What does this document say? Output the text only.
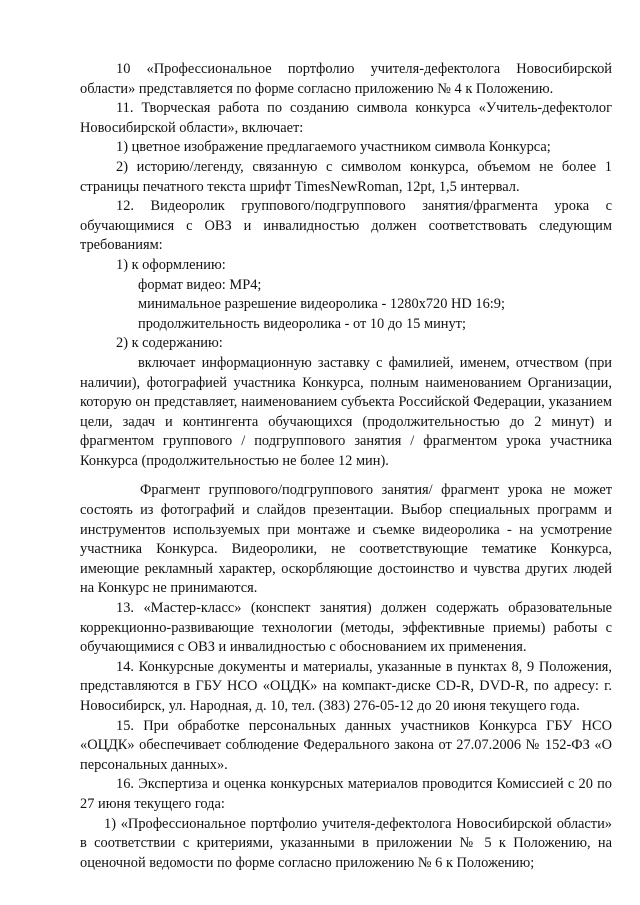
10 «Профессиональное портфолио учителя-дефектолога Новосибирской области» представляется по форме согласно приложению № 4 к Положению.

11. Творческая работа по созданию символа конкурса «Учитель-дефектолог Новосибирской области», включает:

1) цветное изображение предлагаемого участником символа Конкурса;

2) историю/легенду, связанную с символом конкурса, объемом не более 1 страницы печатного текста шрифт TimesNewRoman, 12pt, 1,5 интервал.

12. Видеоролик группового/подгруппового занятия/фрагмента урока с обучающимися с ОВЗ и инвалидностью должен соответствовать следующим требованиям:

1) к оформлению:

формат видео: MP4;

минимальное разрешение видеоролика - 1280х720 HD 16:9;

продолжительность видеоролика - от 10 до 15 минут;

2) к содержанию:

включает информационную заставку с фамилией, именем, отчеством (при наличии), фотографией участника Конкурса, полным наименованием Организации, которую он представляет, наименованием субъекта Российской Федерации, указанием цели, задач и контингента обучающихся (продолжительностью до 2 минут) и фрагментом группового / подгруппового занятия / фрагментом урока участника Конкурса (продолжительностью не более 12 мин).

Фрагмент группового/подгруппового занятия/ фрагмент урока не может состоять из фотографий и слайдов презентации. Выбор специальных программ и инструментов используемых при монтаже и съемке видеоролика - на усмотрение участника Конкурса. Видеоролики, не соответствующие тематике Конкурса, имеющие рекламный характер, оскорбляющие достоинство и чувства других людей на Конкурс не принимаются.

13. «Мастер-класс» (конспект занятия) должен содержать образовательные коррекционно-развивающие технологии (методы, эффективные приемы) работы с обучающимися с ОВЗ и инвалидностью с обоснованием их применения.

14. Конкурсные документы и материалы, указанные в пунктах 8, 9 Положения, представляются в ГБУ НСО «ОЦДК» на компакт-диске CD-R, DVD-R, по адресу: г. Новосибирск, ул. Народная, д. 10, тел. (383) 276-05-12 до 20 июня текущего года.

15. При обработке персональных данных участников Конкурса ГБУ НСО «ОЦДК» обеспечивает соблюдение Федерального закона от 27.07.2006 № 152-ФЗ «О персональных данных».

16. Экспертиза и оценка конкурсных материалов проводится Комиссией с 20 по 27 июня текущего года:

1) «Профессиональное портфолио учителя-дефектолога Новосибирской области» в соответствии с критериями, указанными в приложении № 5 к Положению, на оценочной ведомости по форме согласно приложению № 6 к Положению;
